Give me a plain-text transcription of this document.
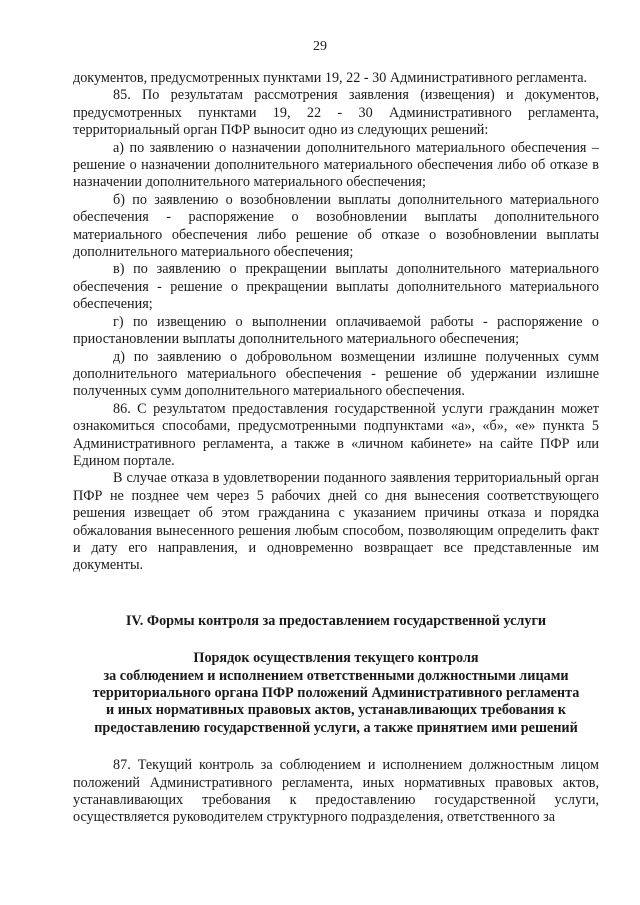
29

документов, предусмотренных пунктами 19, 22 - 30 Административного регламента.

85. По результатам рассмотрения заявления (извещения) и документов, предусмотренных пунктами 19, 22 - 30 Административного регламента, территориальный орган ПФР выносит одно из следующих решений:

а) по заявлению о назначении дополнительного материального обеспечения – решение о назначении дополнительного материального обеспечения либо об отказе в назначении дополнительного материального обеспечения;

б) по заявлению о возобновлении выплаты дополнительного материального обеспечения - распоряжение о возобновлении выплаты дополнительного материального обеспечения либо решение об отказе о возобновлении выплаты дополнительного материального обеспечения;

в) по заявлению о прекращении выплаты дополнительного материального обеспечения - решение о прекращении выплаты дополнительного материального обеспечения;

г) по извещению о выполнении оплачиваемой работы - распоряжение о приостановлении выплаты дополнительного материального обеспечения;

д) по заявлению о добровольном возмещении излишне полученных сумм дополнительного материального обеспечения - решение об удержании излишне полученных сумм дополнительного материального обеспечения.

86. С результатом предоставления государственной услуги гражданин может ознакомиться способами, предусмотренными подпунктами «а», «б», «е» пункта 5 Административного регламента, а также в «личном кабинете» на сайте ПФР или Едином портале.

В случае отказа в удовлетворении поданного заявления территориальный орган ПФР не позднее чем через 5 рабочих дней со дня вынесения соответствующего решения извещает об этом гражданина с указанием причины отказа и порядка обжалования вынесенного решения любым способом, позволяющим определить факт и дату его направления, и одновременно возвращает все представленные им документы.

IV. Формы контроля за предоставлением государственной услуги

Порядок осуществления текущего контроля
за соблюдением и исполнением ответственными должностными лицами
территориального органа ПФР положений Административного регламента
и иных нормативных правовых актов, устанавливающих требования к
предоставлению государственной услуги, а также принятием ими решений

87. Текущий контроль за соблюдением и исполнением должностным лицом положений Административного регламента, иных нормативных правовых актов, устанавливающих требования к предоставлению государственной услуги, осуществляется руководителем структурного подразделения, ответственного за
